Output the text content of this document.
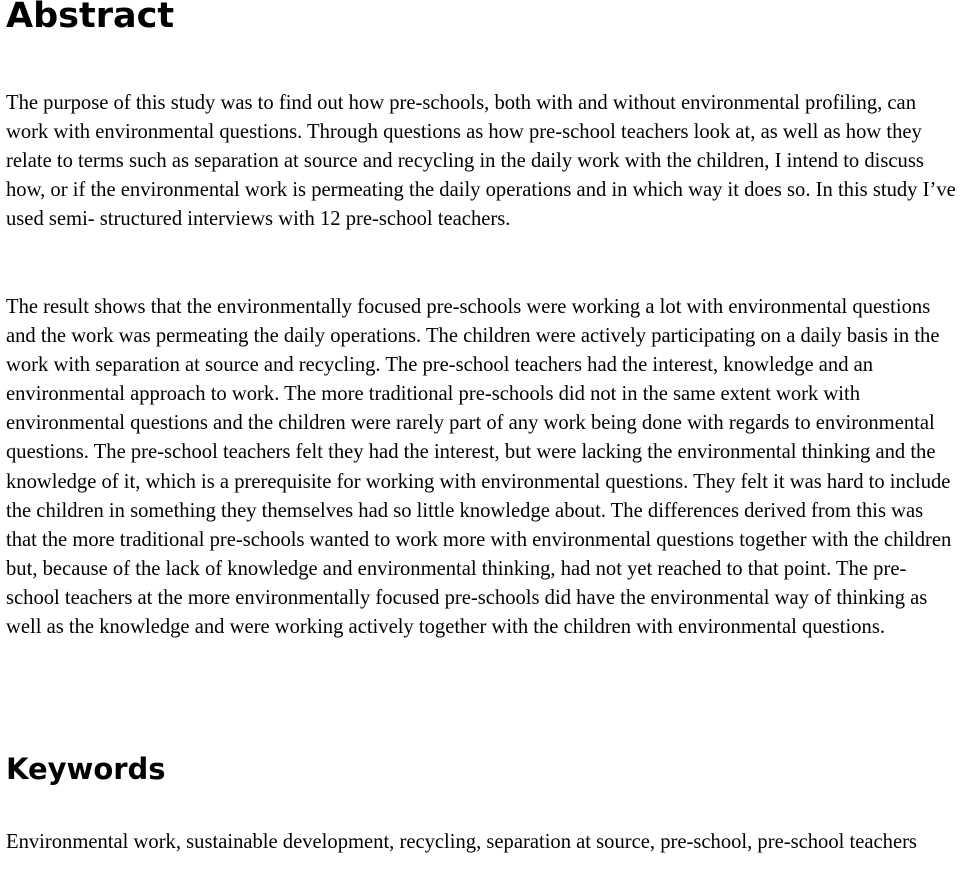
Abstract

The purpose of this study was to find out how pre-schools, both with and without environmental profiling, can work with environmental questions. Through questions as how pre-school teachers look at, as well as how they relate to terms such as separation at source and recycling in the daily work with the children, I intend to discuss how, or if the environmental work is permeating the daily operations and in which way it does so. In this study I’ve used semi- structured interviews with 12 pre-school teachers.

The result shows that the environmentally focused pre-schools were working a lot with environmental questions and the work was permeating the daily operations. The children were actively participating on a daily basis in the work with separation at source and recycling. The pre-school teachers had the interest, knowledge and an environmental approach to work. The more traditional pre-schools did not in the same extent work with environmental questions and the children were rarely part of any work being done with regards to environmental questions. The pre-school teachers felt they had the interest, but were lacking the environmental thinking and the knowledge of it, which is a prerequisite for working with environmental questions. They felt it was hard to include the children in something they themselves had so little knowledge about. The differences derived from this was that the more traditional pre-schools wanted to work more with environmental questions together with the children but, because of the lack of knowledge and environmental thinking, had not yet reached to that point. The pre-school teachers at the more environmentally focused pre-schools did have the environmental way of thinking as well as the knowledge and were working actively together with the children with environmental questions.

Keywords

Environmental work, sustainable development, recycling, separation at source, pre-school, pre-school teachers
